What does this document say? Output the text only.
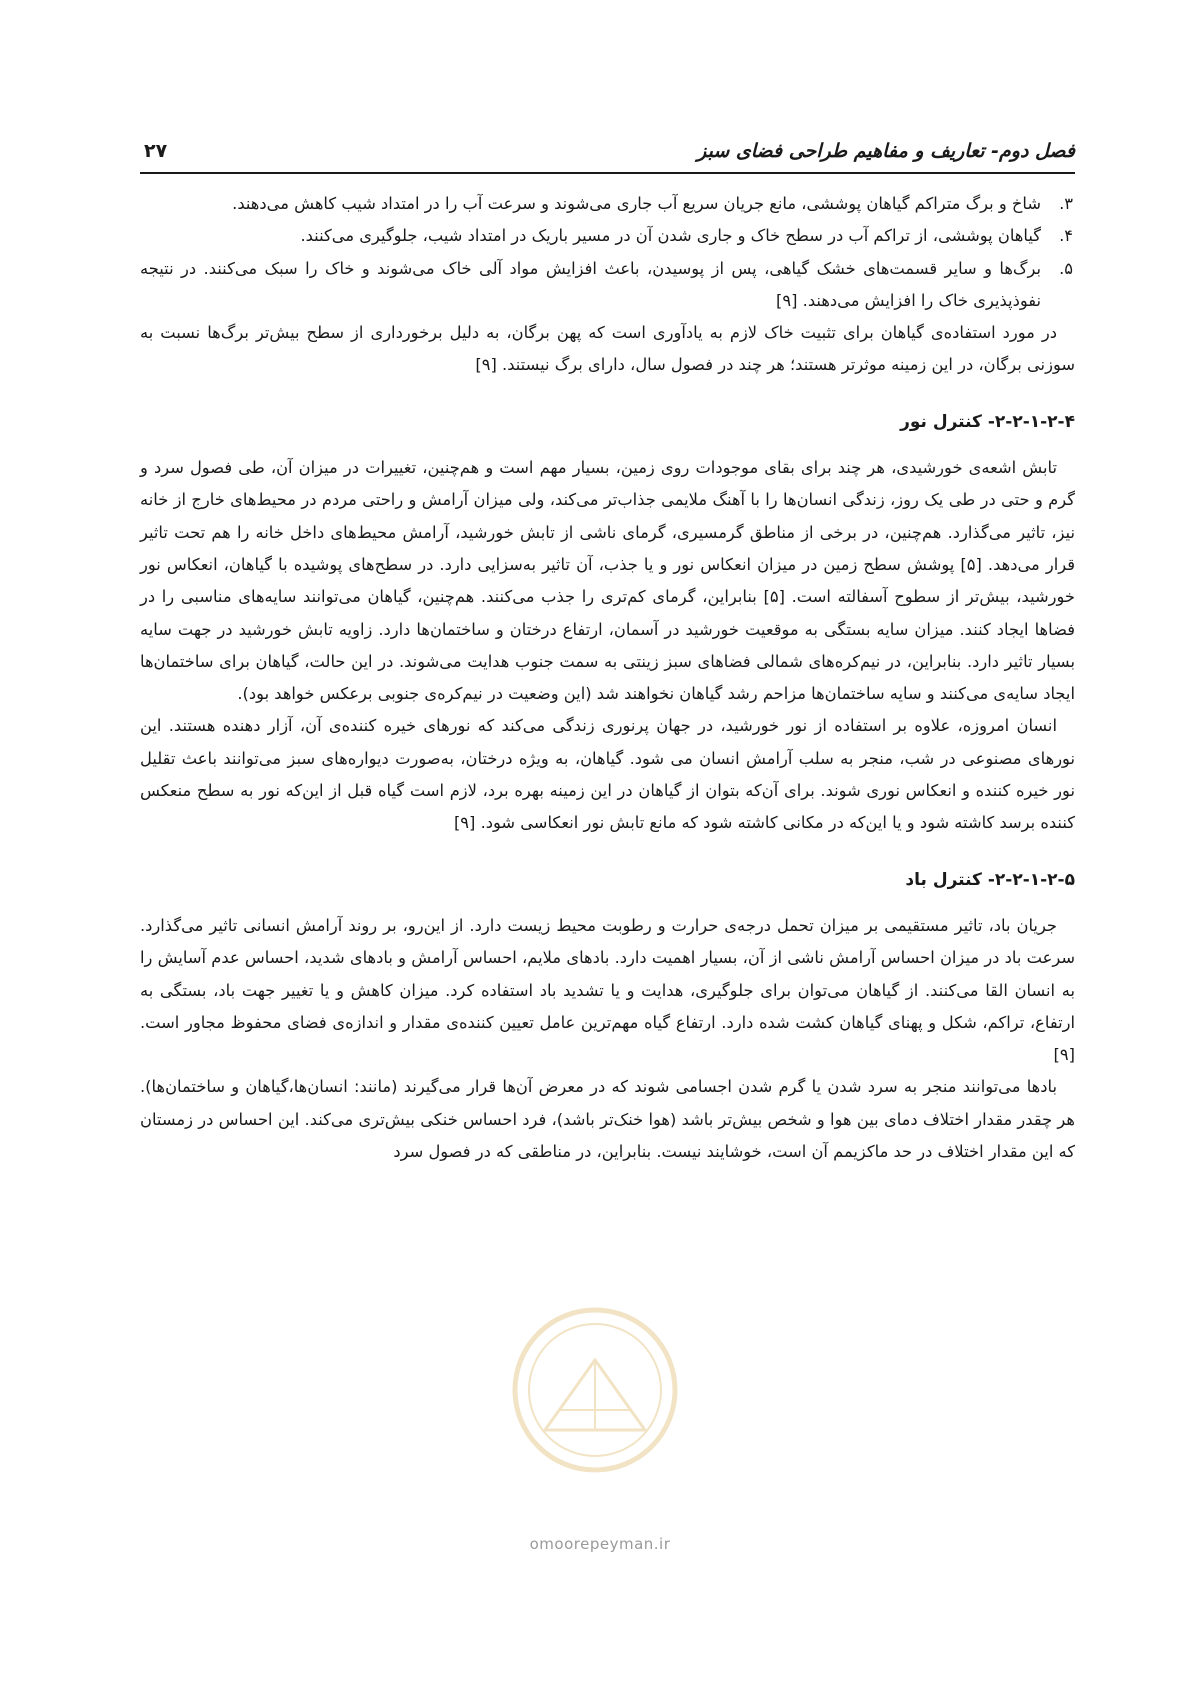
فصل دوم- تعاریف و مفاهیم طراحی فضای سبز
۲۷
۳.
شاخ و برگ متراکم گیاهان پوششی، مانع جریان سریع آب جاری می‌شوند و سرعت آب را در امتداد شیب کاهش می‌دهند.
۴.
گیاهان پوششی، از تراکم آب در سطح خاک و جاری شدن آن در مسیر باریک در امتداد شیب، جلوگیری می‌کنند.
۵.
برگ‌ها و سایر قسمت‌های خشک گیاهی، پس از پوسیدن، باعث افزایش مواد آلی خاک می‌شوند و خاک را سبک می‌کنند. در نتیجه نفوذپذیری خاک را افزایش می‌دهند. [۹]

در مورد استفاده‌ی گیاهان برای تثبیت خاک لازم به یادآوری است که پهن برگان، به دلیل برخورداری از سطح بیش‌تر برگ‌ها نسبت به سوزنی برگان، در این زمینه موثرتر هستند؛ هر چند در فصول سال، دارای برگ نیستند. [۹]

۲-۲-۱-۲-۴- کنترل نور

تابش اشعه‌ی خورشیدی، هر چند برای بقای موجودات روی زمین، بسیار مهم است و هم‌چنین، تغییرات در میزان آن، طی فصول سرد و گرم و حتی در طی یک روز، زندگی انسان‌ها را با آهنگ ملایمی جذاب‌تر می‌کند، ولی میزان آرامش و راحتی مردم در محیط‌های خارج از خانه نیز، تاثیر می‌گذارد. هم‌چنین، در برخی از مناطق گرمسیری، گرمای ناشی از تابش خورشید، آرامش محیط‌های داخل خانه را هم تحت تاثیر قرار می‌دهد. [۵] پوشش سطح زمین در میزان انعکاس نور و یا جذب، آن تاثیر به‌سزایی دارد. در سطح‌های پوشیده با گیاهان، انعکاس نور خورشید، بیش‌تر از سطوح آسفالته است. [۵] بنابراین، گرمای کم‌تری را جذب می‌کنند. هم‌چنین، گیاهان می‌توانند سایه‌های مناسبی را در فضاها ایجاد کنند. میزان سایه بستگی به موقعیت خورشید در آسمان، ارتفاع درختان و ساختمان‌ها دارد. زاویه تابش خورشید در جهت سایه بسیار تاثیر دارد. بنابراین، در نیم‌کره‌های شمالی فضاهای سبز زینتی به سمت جنوب هدایت می‌شوند. در این حالت، گیاهان برای ساختمان‌ها ایجاد سایه‌ی می‌کنند و سایه ساختمان‌ها مزاحم رشد گیاهان نخواهند شد (این وضعیت در نیم‌کره‌ی جنوبی برعکس خواهد بود).

انسان امروزه، علاوه بر استفاده از نور خورشید، در جهان پرنوری زندگی می‌کند که نورهای خیره کننده‌ی آن، آزار دهنده هستند. این نورهای مصنوعی در شب، منجر به سلب آرامش انسان می شود. گیاهان، به ویژه درختان، به‌صورت دیواره‌های سبز می‌توانند باعث تقلیل نور خیره کننده و انعکاس نوری شوند. برای آن‌که بتوان از گیاهان در این زمینه بهره برد، لازم است گیاه قبل از این‌که نور به سطح منعکس کننده برسد کاشته شود و یا این‌که در مکانی کاشته شود که مانع تابش نور انعکاسی شود. [۹]

۲-۲-۱-۲-۵- کنترل باد

جریان باد، تاثیر مستقیمی بر میزان تحمل درجه‌ی حرارت و رطوبت محیط زیست دارد. از این‌رو، بر روند آرامش انسانی تاثیر می‌گذارد. سرعت باد در میزان احساس آرامش ناشی از آن، بسیار اهمیت دارد. بادهای ملایم، احساس آرامش و بادهای شدید، احساس عدم آسایش را به انسان القا می‌کنند. از گیاهان می‌توان برای جلوگیری، هدایت و یا تشدید باد استفاده کرد. میزان کاهش و یا تغییر جهت باد، بستگی به ارتفاع، تراکم، شکل و پهنای گیاهان کشت شده دارد. ارتفاع گیاه مهم‌ترین عامل تعیین کننده‌ی مقدار و اندازه‌ی فضای محفوظ مجاور است. [۹]

بادها می‌توانند منجر به سرد شدن یا گرم شدن اجسامی شوند که در معرض آن‌ها قرار می‌گیرند (مانند: انسان‌ها،گیاهان و ساختمان‌ها). هر چقدر مقدار اختلاف دمای بین هوا و شخص بیش‌تر باشد (هوا خنک‌تر باشد)، فرد احساس خنکی بیش‌تری می‌کند. این احساس در زمستان که این مقدار اختلاف در حد ماکزیمم آن است، خوشایند نیست. بنابراین، در مناطقی که در فصول سرد

omoorepeyman.ir
